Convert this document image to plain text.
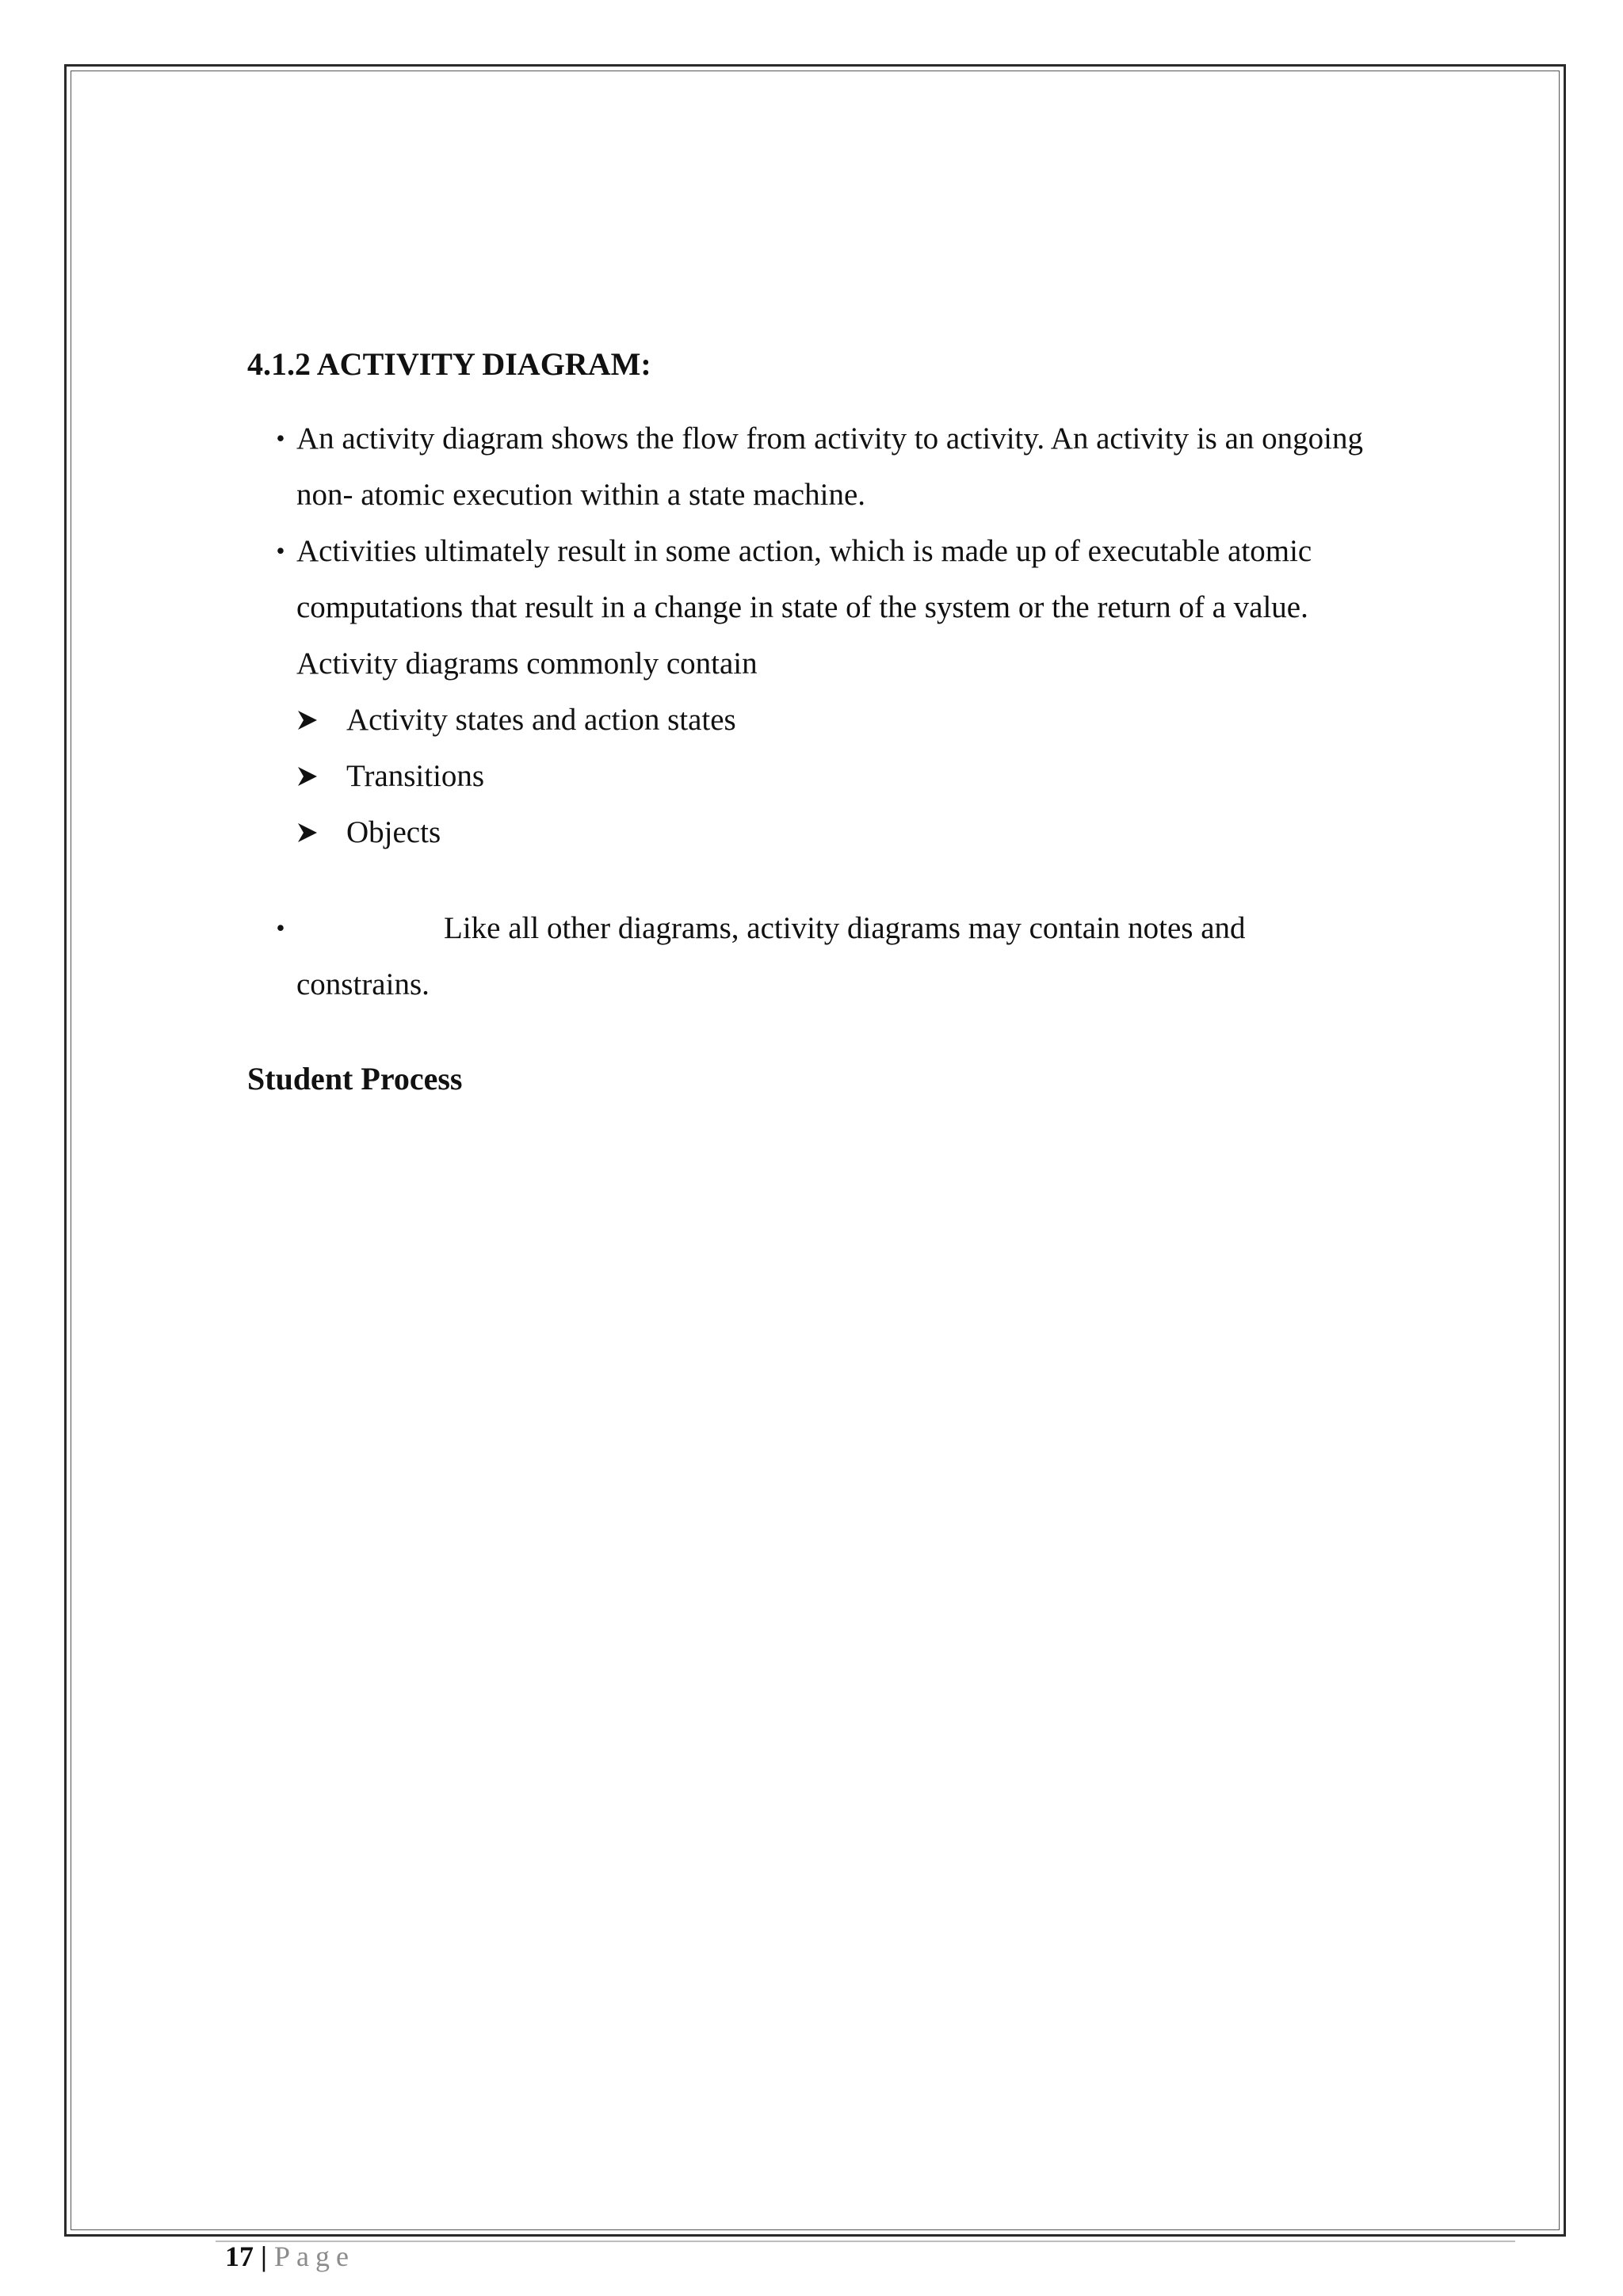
4.1.2 ACTIVITY DIAGRAM:
• An activity diagram shows the flow from activity to activity. An activity is an ongoing
non- atomic execution within a state machine.
• Activities ultimately result in some action, which is made up of executable atomic
computations that result in a change in state of the system or the return of a value.
Activity diagrams commonly contain
Activity states and action states
Transitions
Objects
•	Like all other diagrams, activity diagrams may contain notes and
constrains.
Student Process
17 | Page
